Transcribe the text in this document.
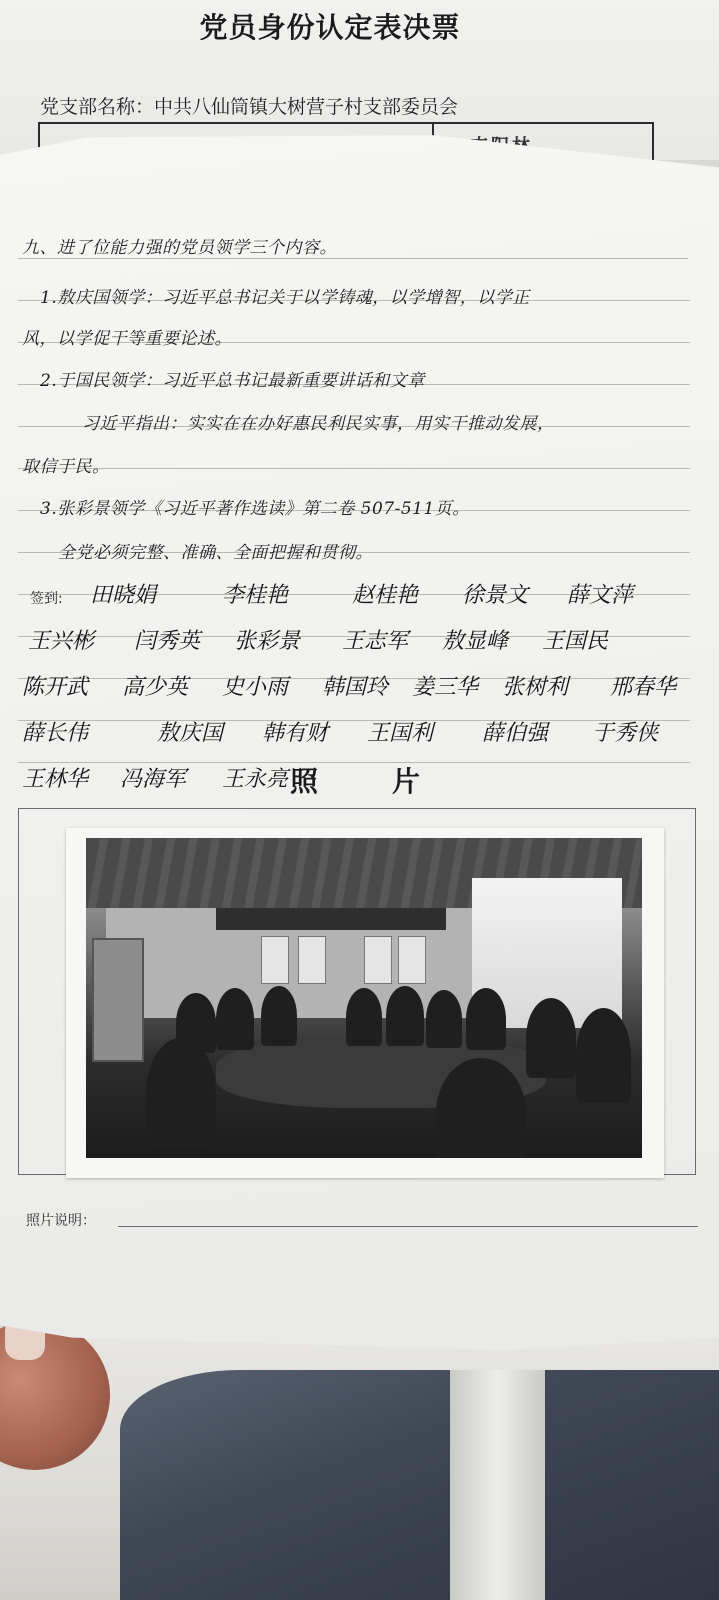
党员身份认定表决票
党支部名称：中共八仙筒镇大树营子村支部委员会
九、进了位能力强的党员领学三个内容。
1.敖庆国领学：习近平总书记关于以学铸魂，以学增智，以学正
风，以学促干等重要论述。
2.于国民领学：习近平总书记最新重要讲话和文章
习近平指出：实实在在办好惠民利民实事，用实干推动发展，
取信于民。
3.张彩景领学《习近平著作选读》第二卷 507-511页。
全党必须完整、准确、全面把握和贯彻。
签到: 田晓娟	李桂艳	赵桂艳 徐景文 薛文萍
王兴彬 闫秀英 张彩景 王志军 敖显峰 王国民
陈开武 高少英 史小雨 韩国玲 姜三华 张树利 邢春华
薛长伟	敖庆国 韩有财 王国利 薛伯强 于秀侠
王林华 冯海军 王永亮 照	片
照片说明：
